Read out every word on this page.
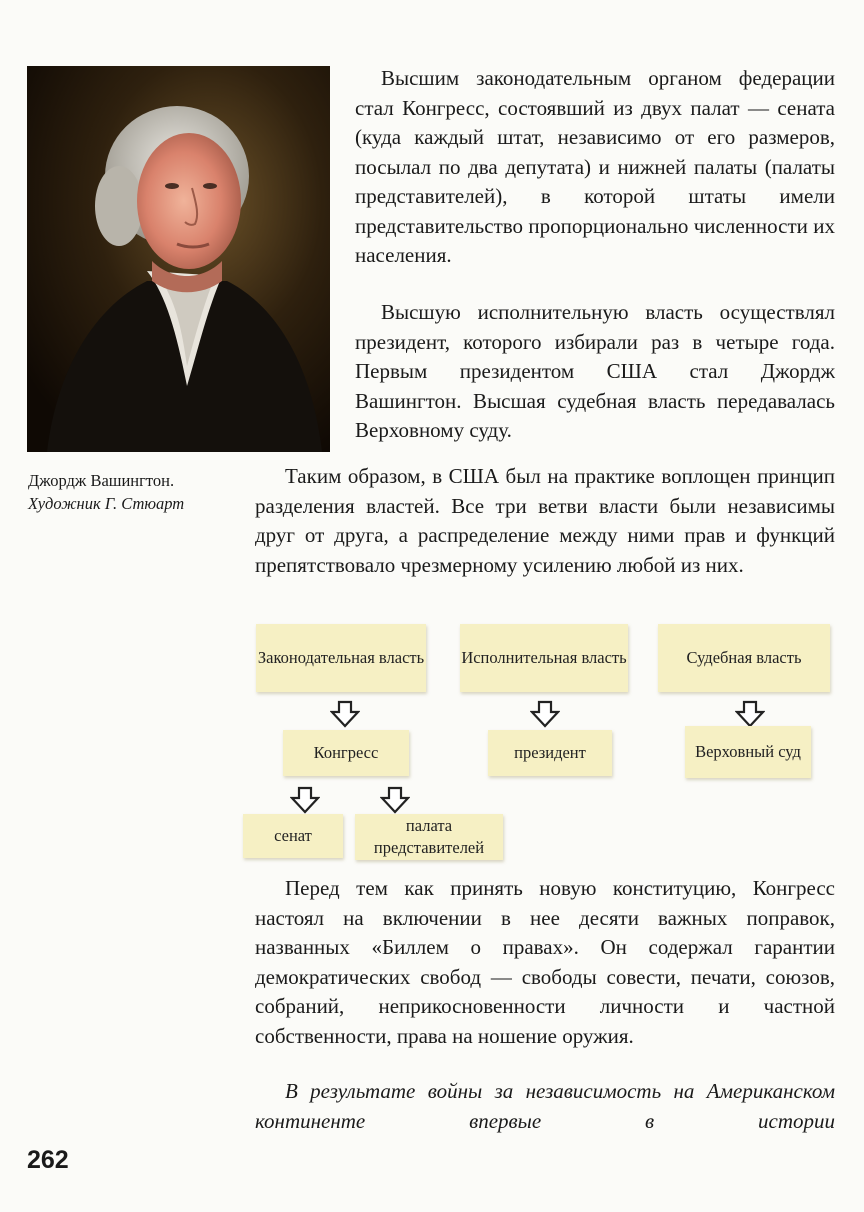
Джордж Вашингтон.
Художник Г. Стюарт

Высшим законодательным органом федерации стал Конгресс, состоявший из двух палат — сената (куда каждый штат, независимо от его размеров, посылал по два депутата) и нижней палаты (палаты представителей), в которой штаты имели представительство пропорционально численности их населения.

Высшую исполнительную власть осуществлял президент, которого избирали раз в четыре года. Первым президентом США стал Джордж Вашингтон. Высшая судебная власть передавалась Верховному суду.

Таким образом, в США был на практике воплощен принцип разделения властей. Все три ветви власти были независимы друг от друга, а распределение между ними прав и функций препятствовало чрезмерному усилению любой из них.

Законодательная власть Исполнительная власть	Судебная власть
Конгресс	президент	Верховный суд
сенат
палата представителей

Перед тем как принять новую конституцию, Конгресс настоял на включении в нее десяти важных поправок, названных «Биллем о правах». Он содержал гарантии демократических свобод — свободы совести, печати, союзов, собраний, неприкосновенности личности и частной собственности, права на ношение оружия.

В результате войны за независимость на Американском континенте впервые в истории

262
